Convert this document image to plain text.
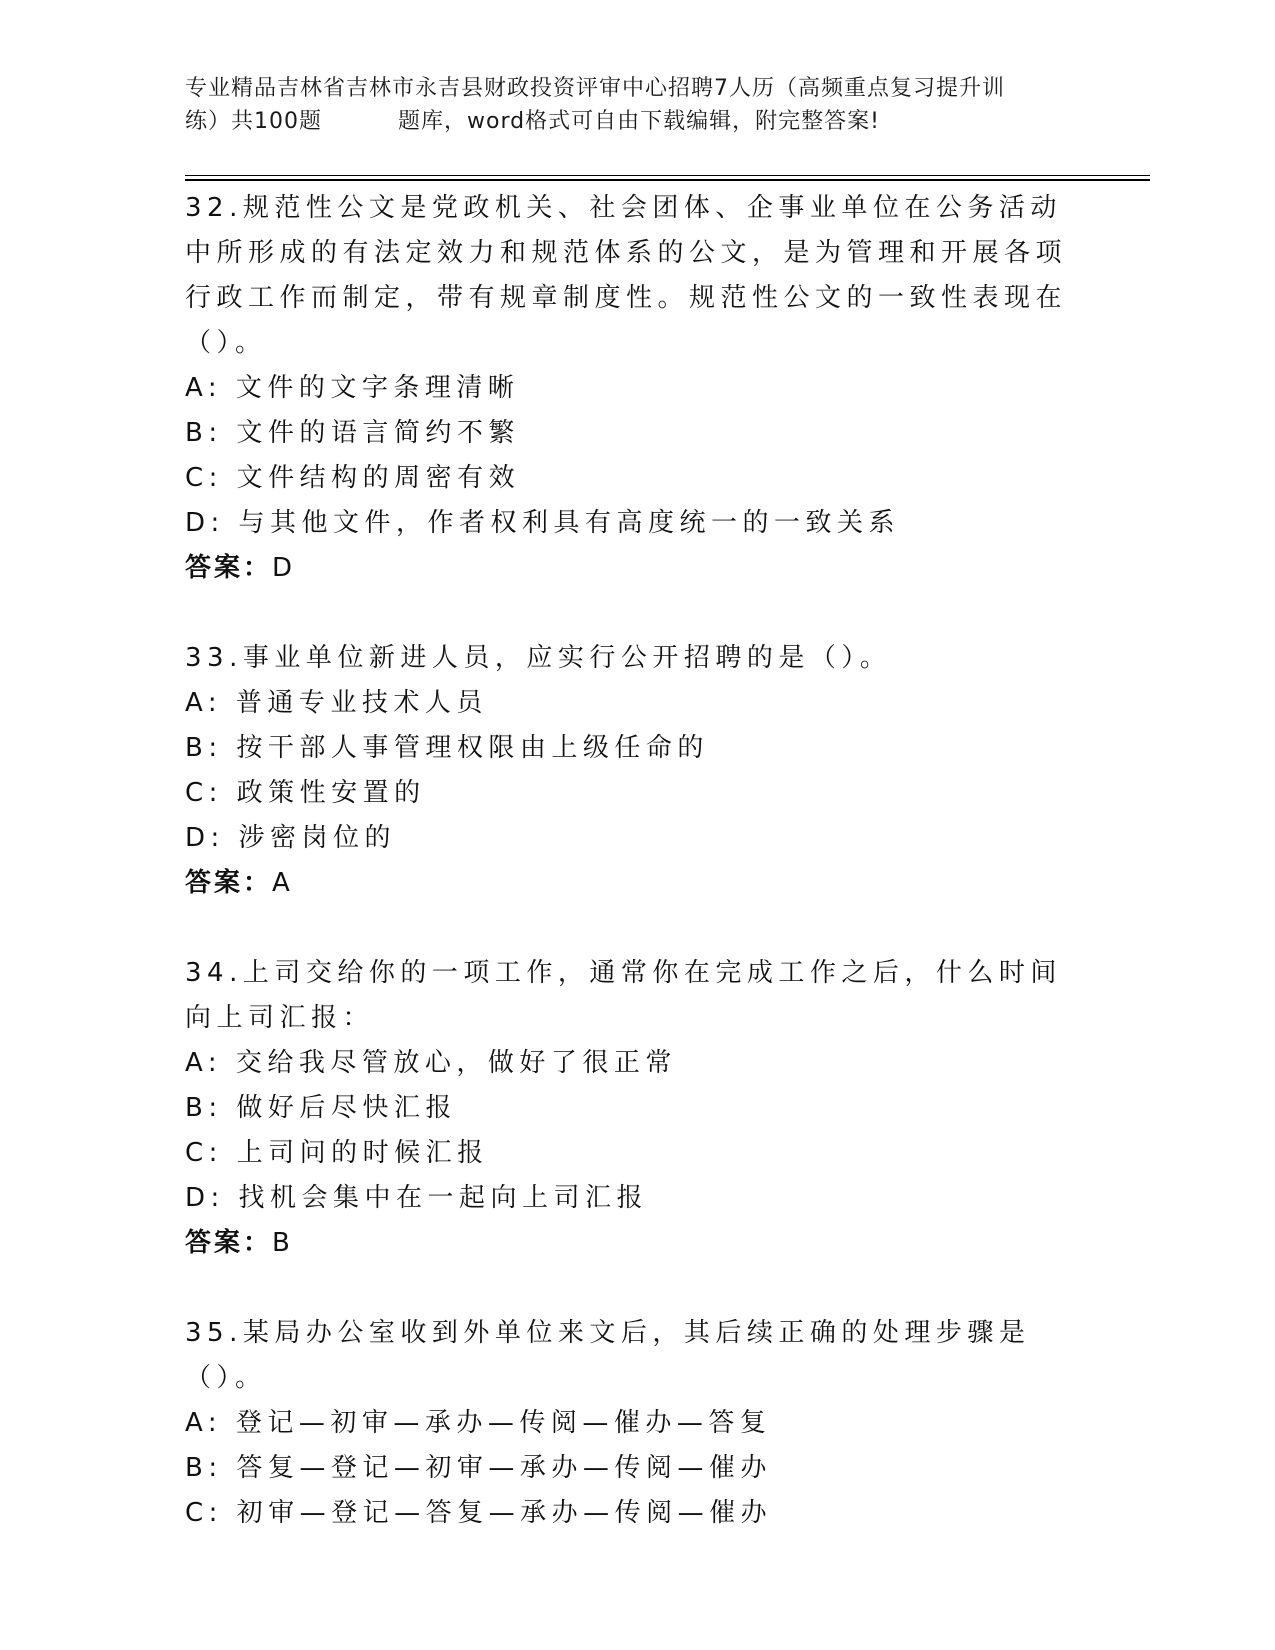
专业精品吉林省吉林市永吉县财政投资评审中心招聘7人历（高频重点复习提升训
练）共100题	题库，word格式可自由下载编辑，附完整答案!
32.规范性公文是党政机关、社会团体、企事业单位在公务活动中所形成的有法定效力和规范体系的公文，是为管理和开展各项行政工作而制定，带有规章制度性。规范性公文的一致性表现在（）。
A: 文件的文字条理清晰
B: 文件的语言简约不繁
C: 文件结构的周密有效
D: 与其他文件，作者权利具有高度统一的一致关系
答案：D
33.事业单位新进人员，应实行公开招聘的是（）。
A: 普通专业技术人员
B: 按干部人事管理权限由上级任命的
C: 政策性安置的
D: 涉密岗位的
答案：A
34.上司交给你的一项工作，通常你在完成工作之后，什么时间向上司汇报：
A: 交给我尽管放心，做好了很正常
B: 做好后尽快汇报
C: 上司问的时候汇报
D: 找机会集中在一起向上司汇报
答案：B
35.某局办公室收到外单位来文后，其后续正确的处理步骤是（）。
A: 登记—初审—承办—传阅—催办—答复
B: 答复—登记—初审—承办—传阅—催办
C: 初审—登记—答复—承办—传阅—催办
